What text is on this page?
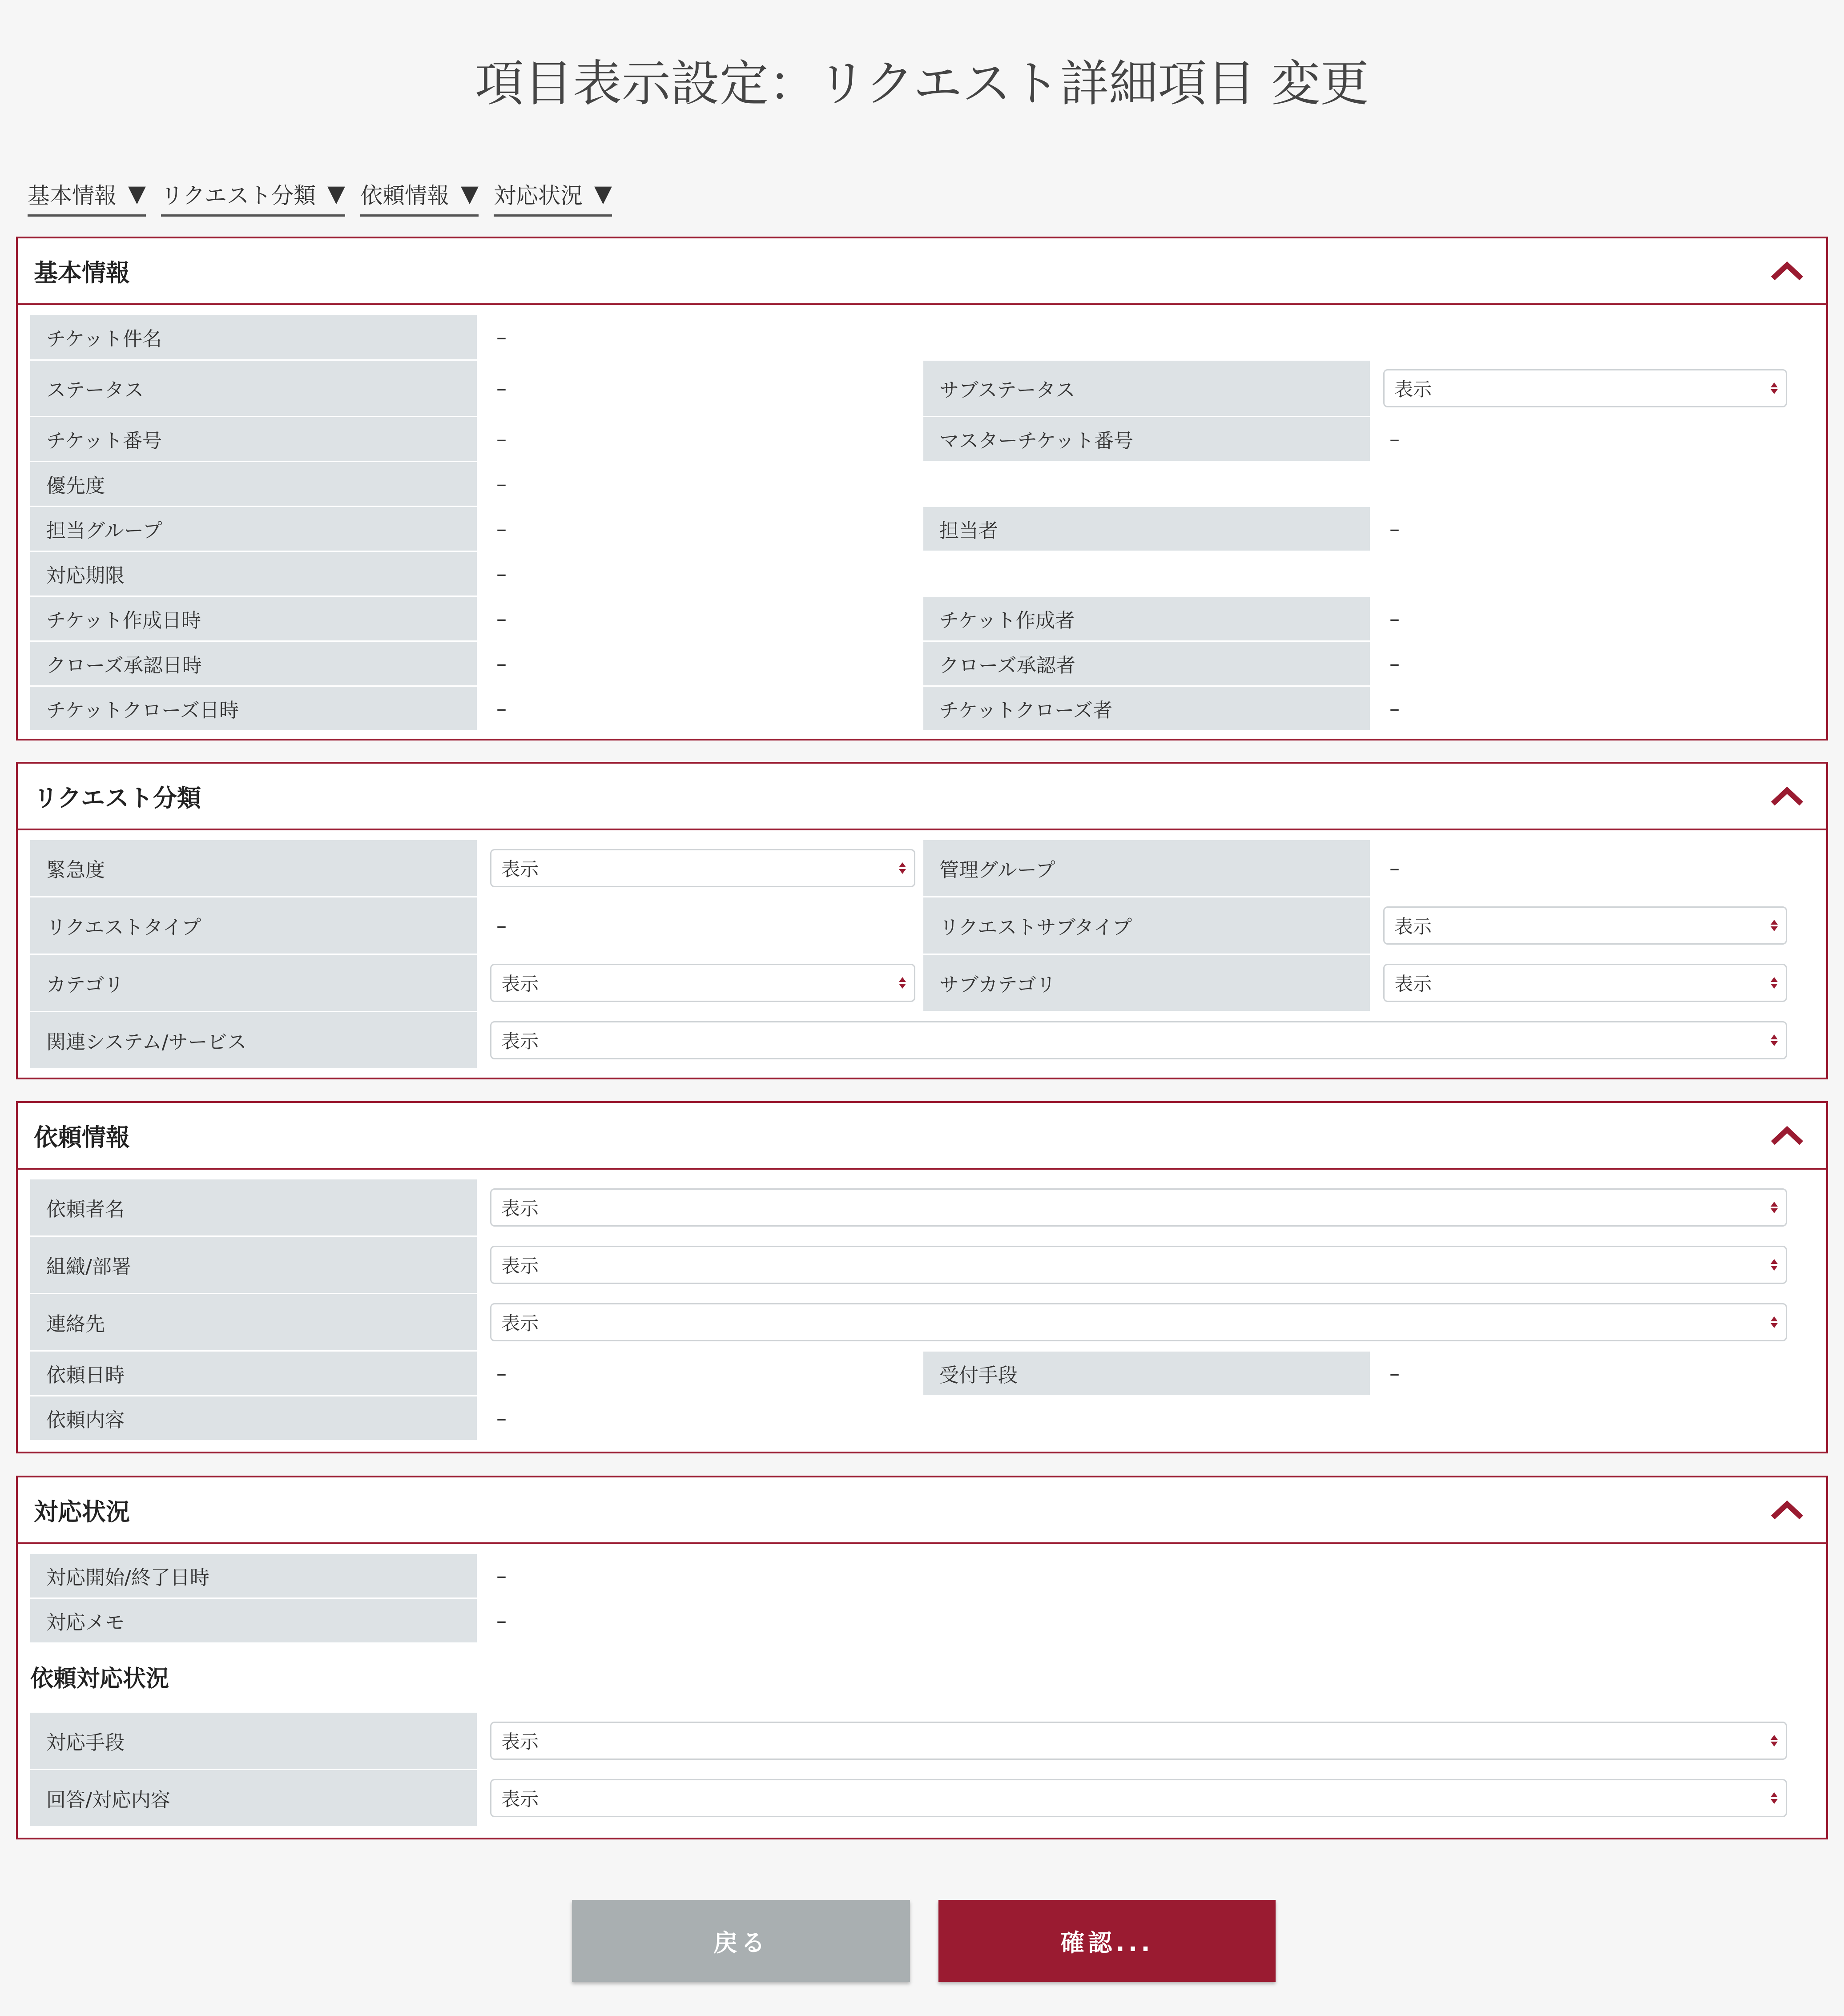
項目表示設定：リクエスト詳細項目 変更
基本情報 ▼ リクエスト分類 ▼ 依頼情報 ▼ 対応状況 ▼
基本情報
チケット件名	–
ステータス	–	サブステータス	表示
チケット番号	–	マスターチケット番号	–
優先度	–
担当グループ	–	担当者	–
対応期限	–
チケット作成日時	–	チケット作成者	–
クローズ承認日時	–	クローズ承認者	–
チケットクローズ日時	–	チケットクローズ者	–
リクエスト分類
緊急度	表示	管理グループ	–
リクエストタイプ	–	リクエストサブタイプ	表示
カテゴリ	表示	サブカテゴリ	表示
関連システム/サービス	表示
依頼情報
依頼者名	表示
組織/部署	表示
連絡先	表示
依頼日時	–	受付手段	–
依頼内容	–
対応状況
対応開始/終了日時	–
対応メモ	–
依頼対応状況
対応手段	表示
回答/対応内容	表示
戻る	確認...
